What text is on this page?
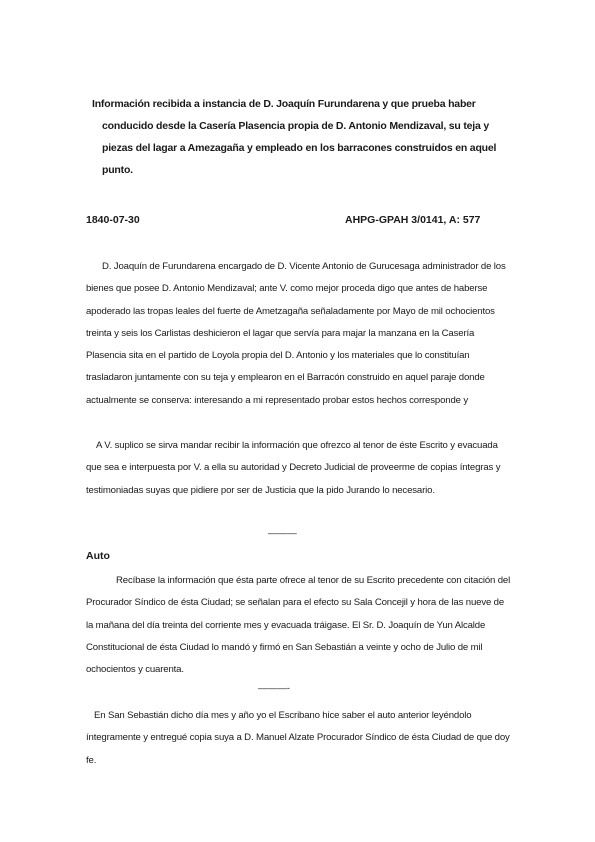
Información recibida a instancia de D. Joaquín Furundarena y que prueba haber
conducido desde la Casería Plasencia propia de D. Antonio Mendizaval, su teja y piezas del lagar a Amezagaña y empleado en los barracones construidos en aquel punto.
1840-07-30	AHPG-GPAH 3/0141, A: 577
D. Joaquín de Furundarena encargado de D. Vicente Antonio de Gurucesaga administrador de los bienes que posee D. Antonio Mendizaval; ante V. como mejor proceda digo que antes de haberse apoderado las tropas leales del fuerte de Ametzagaña señaladamente por Mayo de mil ochocientos treinta y seis los Carlistas deshicieron el lagar que servía para majar la manzana en la Casería Plasencia sita en el partido de Loyola propia del D. Antonio y los materiales que lo constituían trasladaron juntamente con su teja y emplearon en el Barracón construido en aquel paraje donde actualmente se conserva: interesando a mi representado probar estos hechos corresponde y
A V. suplico se sirva mandar recibir la información que ofrezco al tenor de éste Escrito y evacuada que sea e interpuesta por V. a ella su autoridad y Decreto Judicial de proveerme de copias íntegras y testimoniadas suyas que pidiere por ser de Justicia que la pido Jurando lo necesario.
———
Auto
Recíbase la información que ésta parte ofrece al tenor de su Escrito precedente con citación del Procurador Síndico de ésta Ciudad; se señalan para el efecto su Sala Concejil y hora de las nueve de la mañana del día treinta del corriente mes y evacuada tráigase. El Sr. D. Joaquín de Yun Alcalde Constitucional de ésta Ciudad lo mandó y firmó en San Sebastián a veinte y ocho de Julio de mil ochocientos y cuarenta.
———-
En San Sebastián dicho día mes y año yo el Escribano hice saber el auto anterior leyéndolo íntegramente y entregué copia suya a D. Manuel Alzate Procurador Síndico de ésta Ciudad de que doy fe.
